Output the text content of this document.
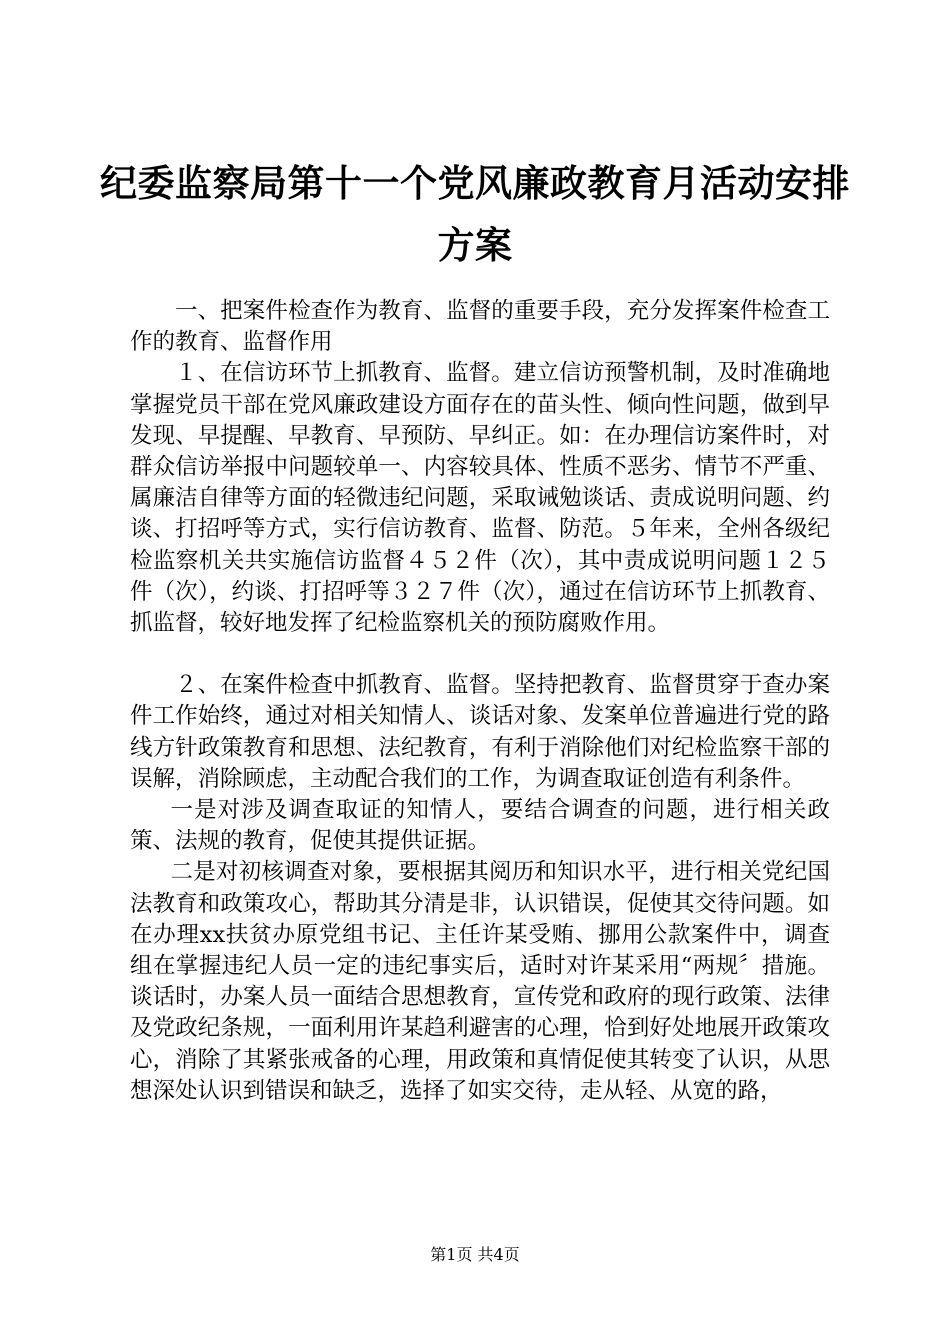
纪委监察局第十一个党风廉政教育月活动安排方案

一、把案件检查作为教育、监督的重要手段，充分发挥案件检查工作的教育、监督作用

１、在信访环节上抓教育、监督。建立信访预警机制，及时准确地掌握党员干部在党风廉政建设方面存在的苗头性、倾向性问题，做到早发现、早提醒、早教育、早预防、早纠正。如：在办理信访案件时，对群众信访举报中问题较单一、内容较具体、性质不恶劣、情节不严重、属廉洁自律等方面的轻微违纪问题，采取诫勉谈话、责成说明问题、约谈、打招呼等方式，实行信访教育、监督、防范。５年来，全州各级纪检监察机关共实施信访监督４５２件（次），其中责成说明问题１２５件（次），约谈、打招呼等３２７件（次），通过在信访环节上抓教育、抓监督，较好地发挥了纪检监察机关的预防腐败作用。

２、在案件检查中抓教育、监督。坚持把教育、监督贯穿于查办案件工作始终，通过对相关知情人、谈话对象、发案单位普遍进行党的路线方针政策教育和思想、法纪教育，有利于消除他们对纪检监察干部的误解，消除顾虑，主动配合我们的工作，为调查取证创造有利条件。

一是对涉及调查取证的知情人，要结合调查的问题，进行相关政策、法规的教育，促使其提供证据。

二是对初核调查对象，要根据其阅历和知识水平，进行相关党纪国法教育和政策攻心，帮助其分清是非，认识错误，促使其交待问题。如在办理xx扶贫办原党组书记、主任许某受贿、挪用公款案件中，调查组在掌握违纪人员一定的违纪事实后，适时对许某采用“两规〞措施。谈话时，办案人员一面结合思想教育，宣传党和政府的现行政策、法律及党政纪条规，一面利用许某趋利避害的心理，恰到好处地展开政策攻心，消除了其紧张戒备的心理，用政策和真情促使其转变了认识，从思想深处认识到错误和缺乏，选择了如实交待，走从轻、从宽的路，

第1页 共4页
